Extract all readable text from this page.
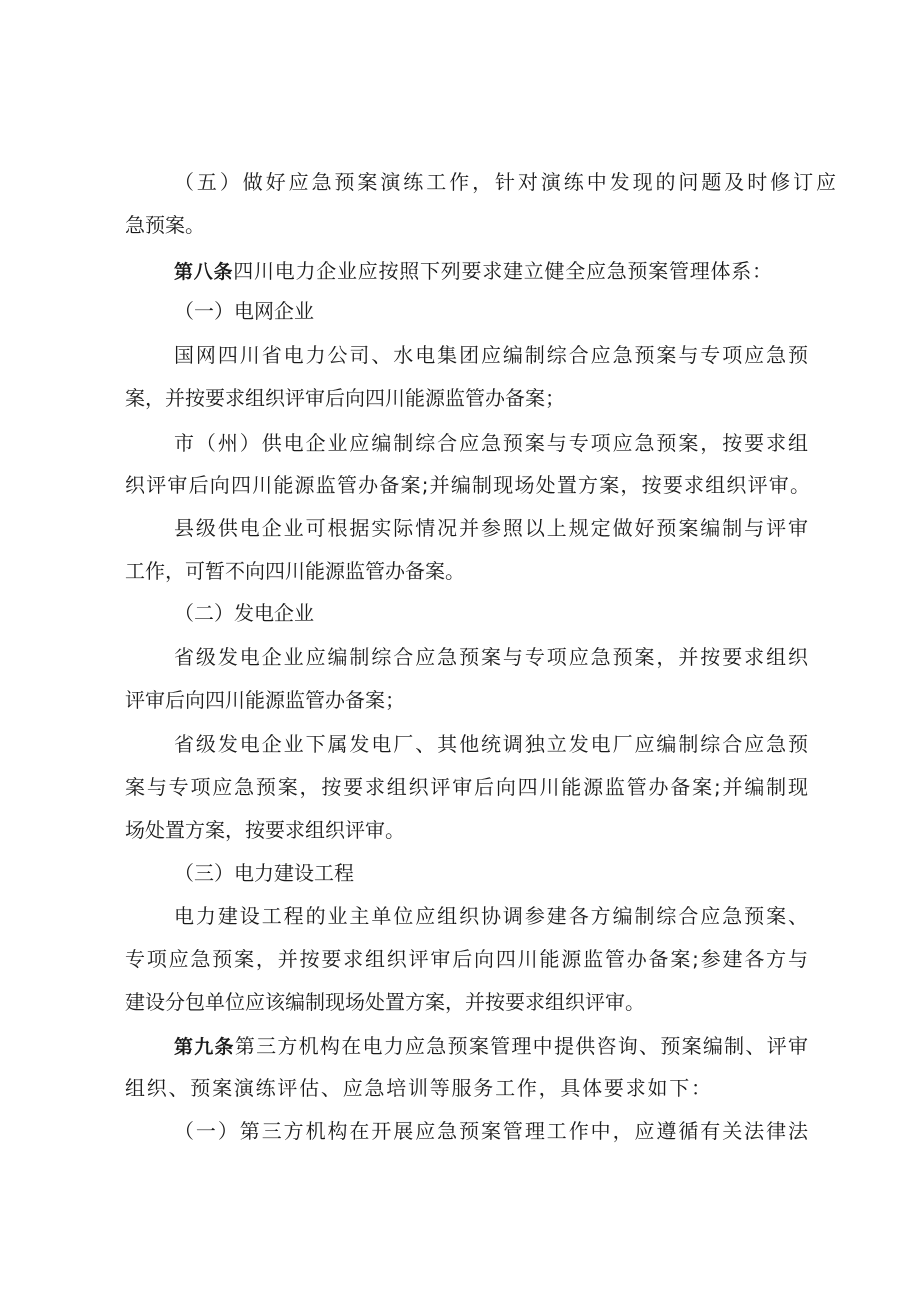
（五）做好应急预案演练工作，针对演练中发现的问题及时修订应
急预案。
第八条四川电力企业应按照下列要求建立健全应急预案管理体系：
（一）电网企业
国网四川省电力公司、水电集团应编制综合应急预案与专项应急预
案，并按要求组织评审后向四川能源监管办备案；
市（州）供电企业应编制综合应急预案与专项应急预案，按要求组
织评审后向四川能源监管办备案;并编制现场处置方案，按要求组织评审。
县级供电企业可根据实际情况并参照以上规定做好预案编制与评审
工作，可暂不向四川能源监管办备案。
（二）发电企业
省级发电企业应编制综合应急预案与专项应急预案，并按要求组织
评审后向四川能源监管办备案；
省级发电企业下属发电厂、其他统调独立发电厂应编制综合应急预
案与专项应急预案，按要求组织评审后向四川能源监管办备案;并编制现
场处置方案，按要求组织评审。
（三）电力建设工程
电力建设工程的业主单位应组织协调参建各方编制综合应急预案、
专项应急预案，并按要求组织评审后向四川能源监管办备案;参建各方与
建设分包单位应该编制现场处置方案，并按要求组织评审。
第九条第三方机构在电力应急预案管理中提供咨询、预案编制、评审
组织、预案演练评估、应急培训等服务工作，具体要求如下：
（一）第三方机构在开展应急预案管理工作中，应遵循有关法律法
